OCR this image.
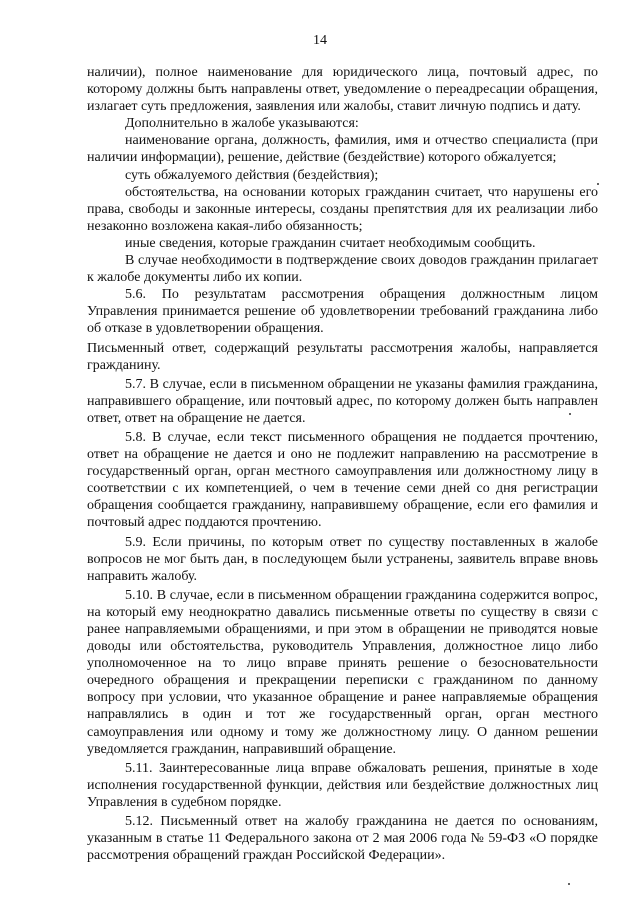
14

наличии), полное наименование для юридического лица, почтовый адрес, по которому должны быть направлены ответ, уведомление о переадресации обращения, излагает суть предложения, заявления или жалобы, ставит личную подпись и дату.

Дополнительно в жалобе указываются:

наименование органа, должность, фамилия, имя и отчество специалиста (при наличии информации), решение, действие (бездействие) которого обжалуется;

суть обжалуемого действия (бездействия);

обстоятельства, на основании которых гражданин считает, что нарушены его права, свободы и законные интересы, созданы препятствия для их реализации либо незаконно возложена какая-либо обязанность;

иные сведения, которые гражданин считает необходимым сообщить.

В случае необходимости в подтверждение своих доводов гражданин прилагает к жалобе документы либо их копии.

5.6. По результатам рассмотрения обращения должностным лицом Управления принимается решение об удовлетворении требований гражданина либо об отказе в удовлетворении обращения.

Письменный ответ, содержащий результаты рассмотрения жалобы, направляется гражданину.

5.7. В случае, если в письменном обращении не указаны фамилия гражданина, направившего обращение, или почтовый адрес, по которому должен быть направлен ответ, ответ на обращение не дается.

5.8. В случае, если текст письменного обращения не поддается прочтению, ответ на обращение не дается и оно не подлежит направлению на рассмотрение в государственный орган, орган местного самоуправления или должностному лицу в соответствии с их компетенцией, о чем в течение семи дней со дня регистрации обращения сообщается гражданину, направившему обращение, если его фамилия и почтовый адрес поддаются прочтению.

5.9. Если причины, по которым ответ по существу поставленных в жалобе вопросов не мог быть дан, в последующем были устранены, заявитель вправе вновь направить жалобу.

5.10. В случае, если в письменном обращении гражданина содержится вопрос, на который ему неоднократно давались письменные ответы по существу в связи с ранее направляемыми обращениями, и при этом в обращении не приводятся новые доводы или обстоятельства, руководитель Управления, должностное лицо либо уполномоченное на то лицо вправе принять решение о безосновательности очередного обращения и прекращении переписки с гражданином по данному вопросу при условии, что указанное обращение и ранее направляемые обращения направлялись в один и тот же государственный орган, орган местного самоуправления или одному и тому же должностному лицу. О данном решении уведомляется гражданин, направивший обращение.

5.11. Заинтересованные лица вправе обжаловать решения, принятые в ходе исполнения государственной функции, действия или бездействие должностных лиц Управления в судебном порядке.

5.12. Письменный ответ на жалобу гражданина не дается по основаниям, указанным в статье 11 Федерального закона от 2 мая 2006 года № 59-ФЗ «О порядке рассмотрения обращений граждан Российской Федерации».
